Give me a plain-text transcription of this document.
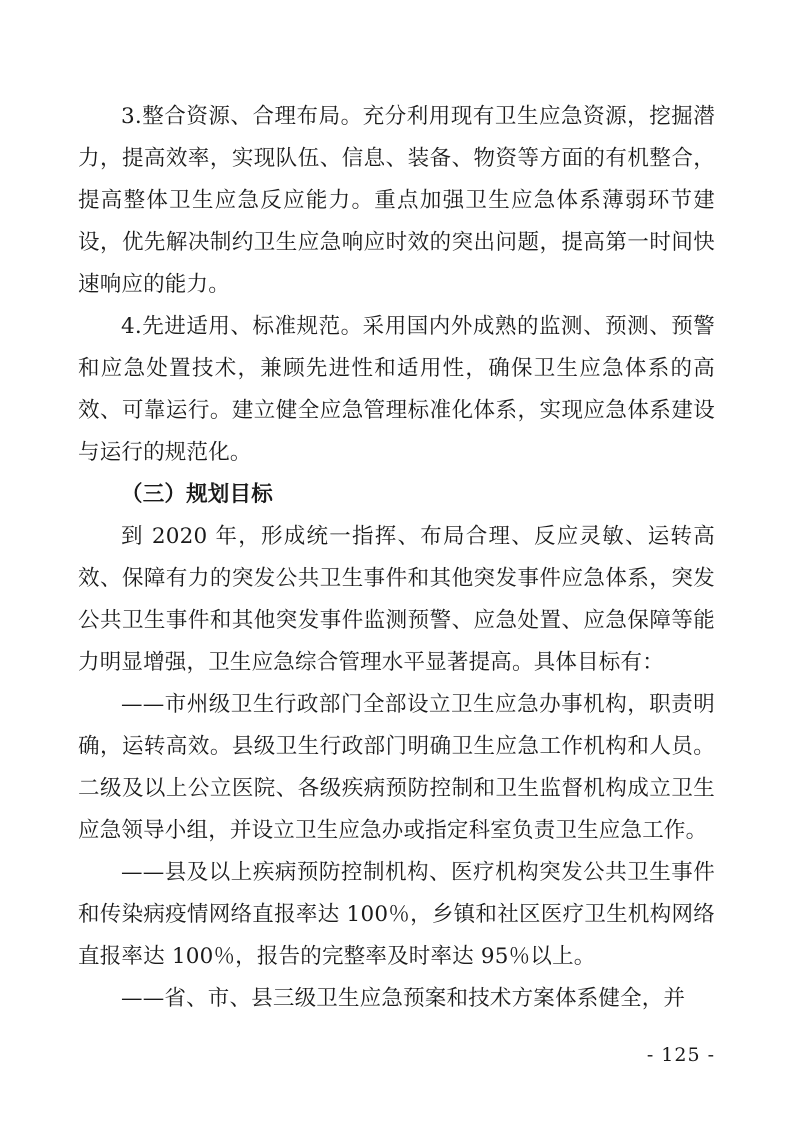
3.整合资源、合理布局。充分利用现有卫生应急资源，挖掘潜力，提高效率，实现队伍、信息、装备、物资等方面的有机整合，提高整体卫生应急反应能力。重点加强卫生应急体系薄弱环节建设，优先解决制约卫生应急响应时效的突出问题，提高第一时间快速响应的能力。

4.先进适用、标准规范。采用国内外成熟的监测、预测、预警和应急处置技术，兼顾先进性和适用性，确保卫生应急体系的高效、可靠运行。建立健全应急管理标准化体系，实现应急体系建设与运行的规范化。

（三）规划目标

到 2020 年，形成统一指挥、布局合理、反应灵敏、运转高效、保障有力的突发公共卫生事件和其他突发事件应急体系，突发公共卫生事件和其他突发事件监测预警、应急处置、应急保障等能力明显增强，卫生应急综合管理水平显著提高。具体目标有：

——市州级卫生行政部门全部设立卫生应急办事机构，职责明确，运转高效。县级卫生行政部门明确卫生应急工作机构和人员。二级及以上公立医院、各级疾病预防控制和卫生监督机构成立卫生应急领导小组，并设立卫生应急办或指定科室负责卫生应急工作。

——县及以上疾病预防控制机构、医疗机构突发公共卫生事件和传染病疫情网络直报率达 100％，乡镇和社区医疗卫生机构网络直报率达 100％，报告的完整率及时率达 95％以上。

——省、市、县三级卫生应急预案和技术方案体系健全，并

- 125 -
